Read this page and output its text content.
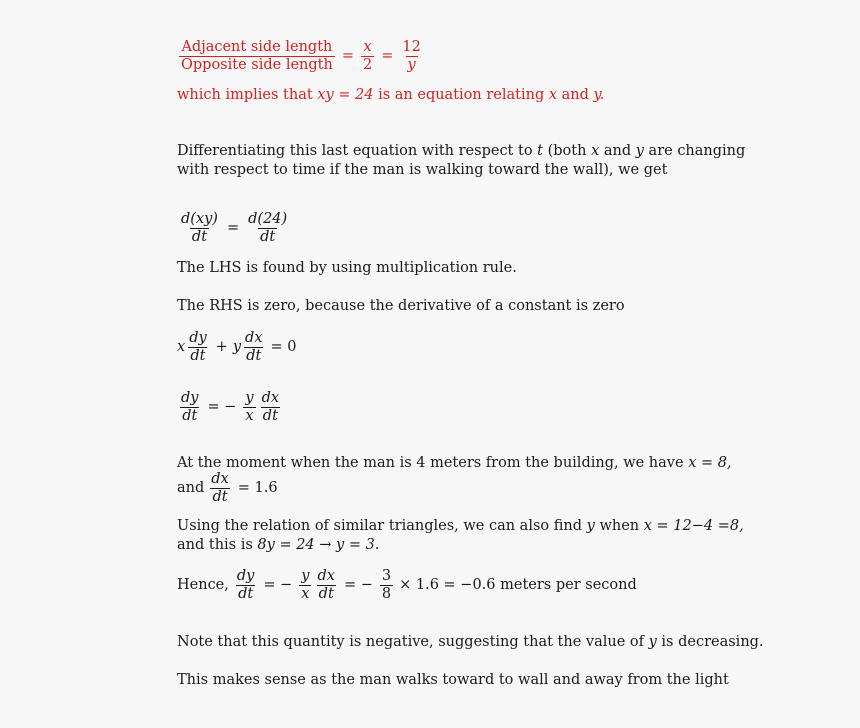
$\frac{\text{Adjacent side length}}{\text{Opposite side length}} = \frac{x}{2} = \frac{12}{y}$
which implies that xy = 24 is an equation relating x and y.
Differentiating this last equation with respect to t (both x and y are changing
with respect to time if the man is walking toward the wall), we get
$\frac{d(xy)}{dt} = \frac{d(24)}{dt}$
The LHS is found by using multiplication rule.
The RHS is zero, because the derivative of a constant is zero
x $\frac{dy}{dt} + y \frac{dx}{dt} = 0$
$\frac{dy}{dt}$ = − $\frac{y}{x} \frac{dx}{dt}$
At the moment when the man is 4 meters from the building, we have x = 8,
and $\frac{dx}{dt} = 1.6$
Using the relation of similar triangles, we can also find y when x = 12−4 =8,
and this is 8y = 24 → y = 3.
Hence, $\frac{dy}{dt}$ = − $\frac{y}{x} \frac{dx}{dt}$ = − $\frac{3}{8} \times 1.6 = -0.6$ meters per second
Note that this quantity is negative, suggesting that the value of y is decreasing.
This makes sense as the man walks toward to wall and away from the light
